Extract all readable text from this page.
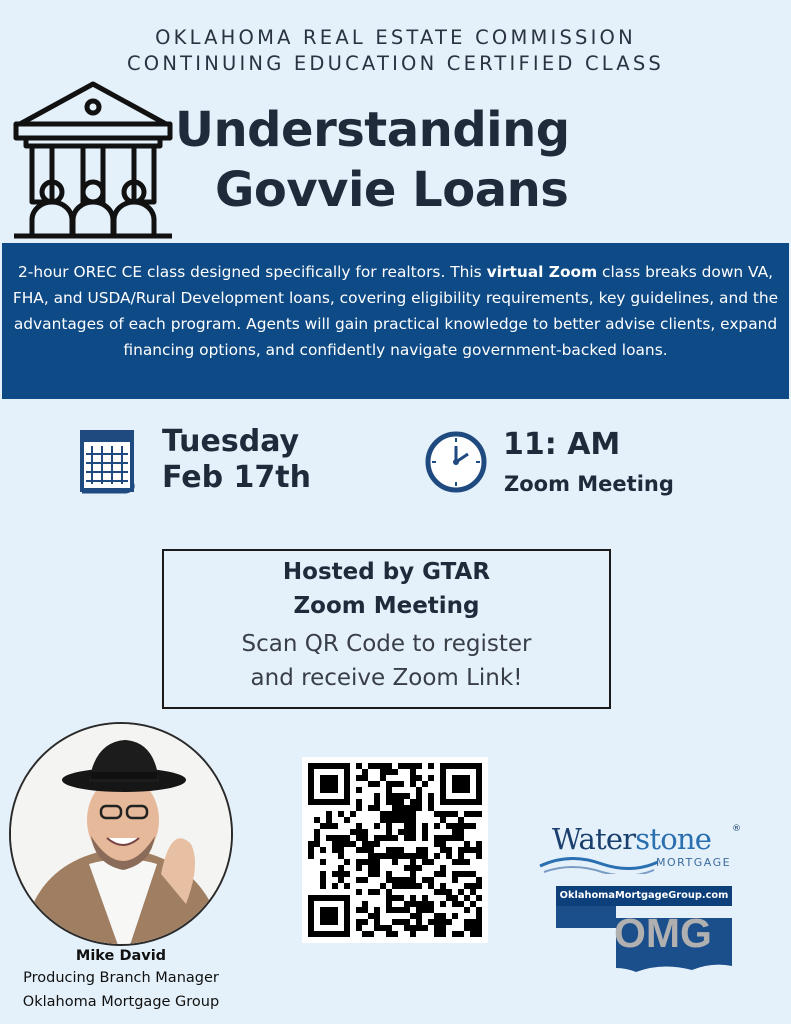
OKLAHOMA REAL ESTATE COMMISSION
CONTINUING EDUCATION CERTIFIED CLASS
Understanding
Govvie Loans
2-hour OREC CE class designed specifically for realtors. This virtual Zoom class breaks down VA, FHA, and USDA/Rural Development loans, covering eligibility requirements, key guidelines, and the advantages of each program. Agents will gain practical knowledge to better advise clients, expand financing options, and confidently navigate government-backed loans.
Tuesday
Feb 17th
11: AM
Zoom Meeting
Hosted by GTAR
Zoom Meeting
Scan QR Code to register
and receive Zoom Link!
Mike David
Producing Branch Manager
Oklahoma Mortgage Group
Waterstone ®
MORTGAGE
OklahomaMortgageGroup.com
OMG
